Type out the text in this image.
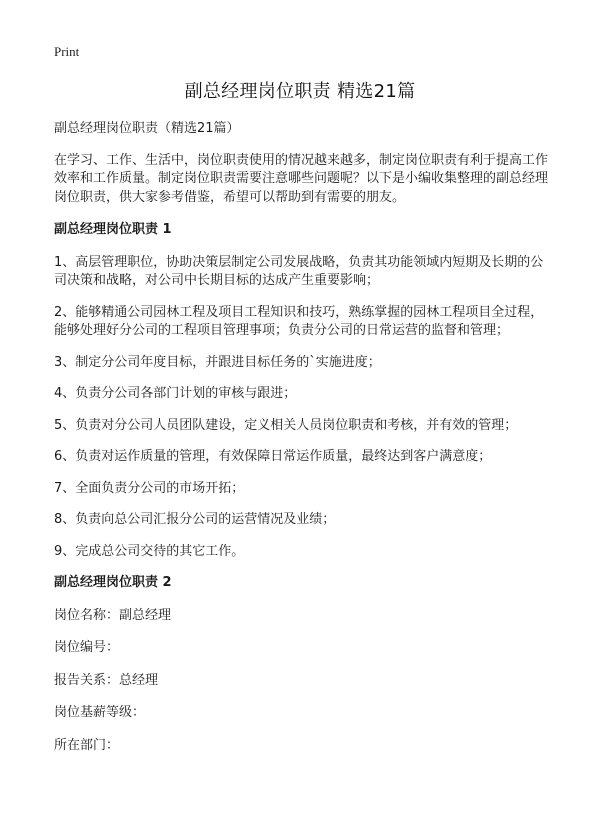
Print
副总经理岗位职责 精选21篇

副总经理岗位职责（精选21篇）

在学习、工作、生活中，岗位职责使用的情况越来越多，制定岗位职责有利于提高工作效率和工作质量。制定岗位职责需要注意哪些问题呢？以下是小编收集整理的副总经理岗位职责，供大家参考借鉴，希望可以帮助到有需要的朋友。

副总经理岗位职责 1

1、高层管理职位，协助决策层制定公司发展战略，负责其功能领域内短期及长期的公司决策和战略，对公司中长期目标的达成产生重要影响；

2、能够精通公司园林工程及项目工程知识和技巧，熟练掌握的园林工程项目全过程，能够处理好分公司的工程项目管理事项；负责分公司的日常运营的监督和管理；

3、制定分公司年度目标，并跟进目标任务的`实施进度；

4、负责分公司各部门计划的审核与跟进；

5、负责对分公司人员团队建设，定义相关人员岗位职责和考核，并有效的管理；

6、负责对运作质量的管理，有效保障日常运作质量，最终达到客户满意度；

7、全面负责分公司的市场开拓；

8、负责向总公司汇报分公司的运营情况及业绩；

9、完成总公司交待的其它工作。

副总经理岗位职责 2

岗位名称：副总经理

岗位编号：

报告关系：总经理

岗位基薪等级：

所在部门：
